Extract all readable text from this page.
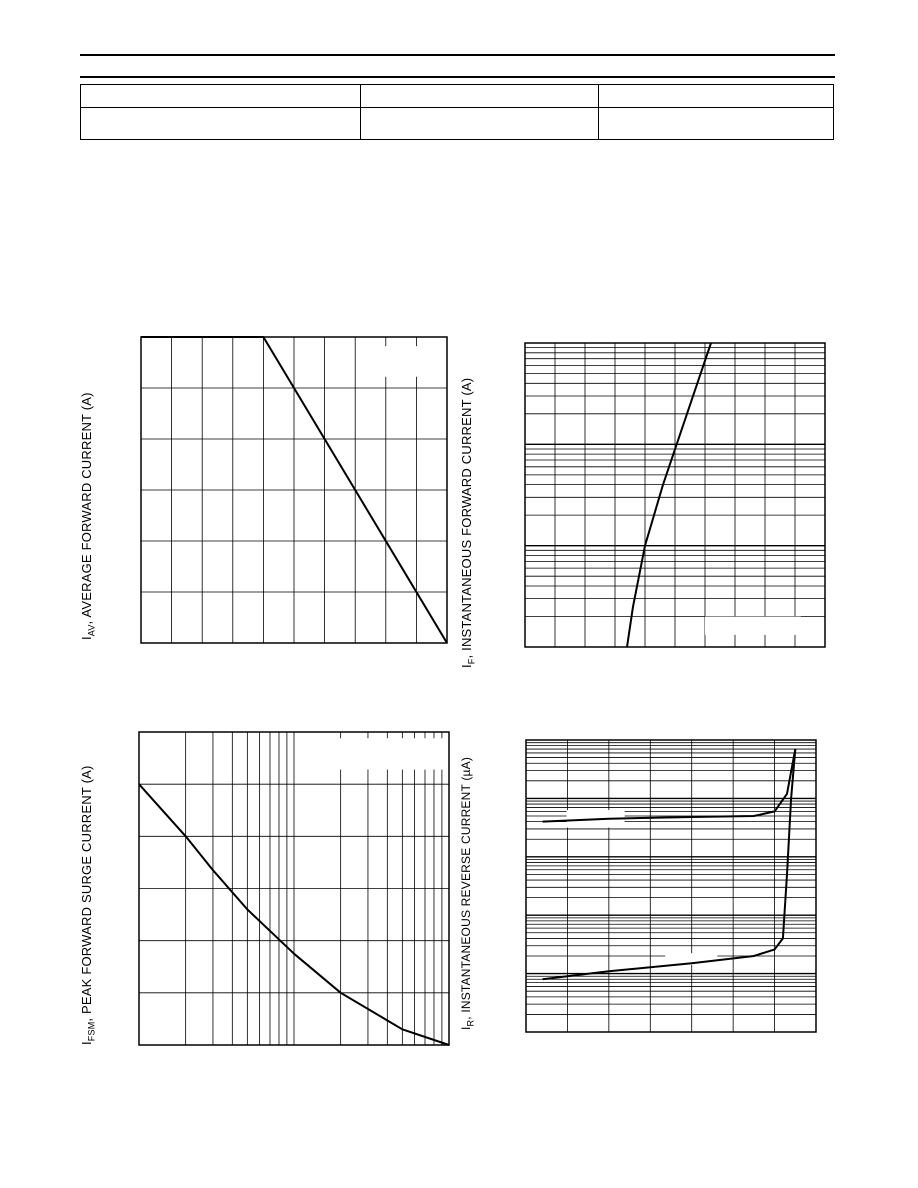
$I_{AV}$, AVERAGE FORWARD CURRENT (A)
$I_F$, INSTANTANEOUS FORWARD CURRENT (A)
$I_{FSM}$, PEAK FORWARD SURGE CURRENT (A)
$I_R$, INSTANTANEOUS REVERSE CURRENT (µA)
